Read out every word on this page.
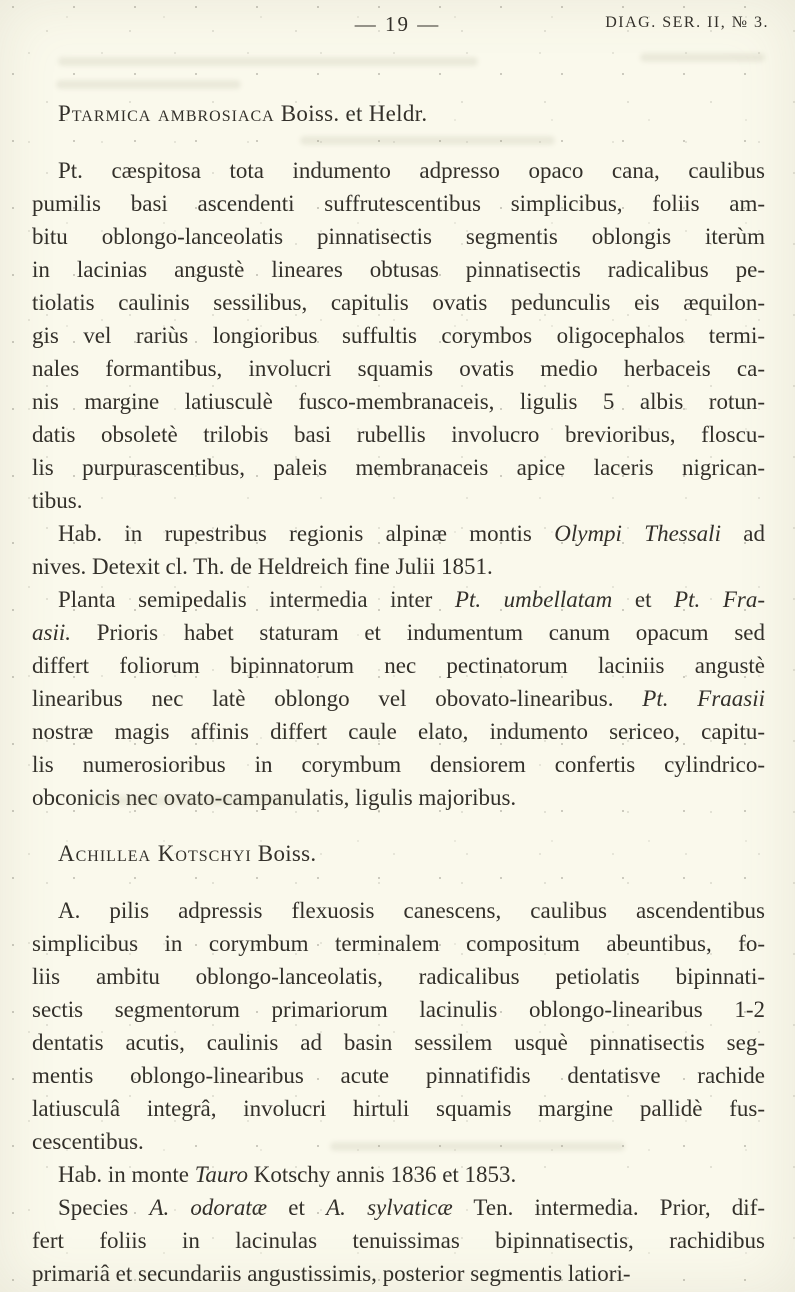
— 19 —	DIAG. SER. II, № 3.
Ptarmica ambrosiaca Boiss. et Heldr.
Pt. cæspitosa tota indumento adpresso opaco cana, caulibus
pumilis basi ascendenti suffrutescentibus simplicibus, foliis am-
bitu oblongo-lanceolatis pinnatisectis segmentis oblongis iterùm
in lacinias angustè lineares obtusas pinnatisectis radicalibus pe-
tiolatis caulinis sessilibus, capitulis ovatis pedunculis eis æquilon-
gis vel rariùs longioribus suffultis corymbos oligocephalos termi-
nales formantibus, involucri squamis ovatis medio herbaceis ca-
nis margine latiusculè fusco-membranaceis, ligulis 5 albis rotun-
datis obsoletè trilobis basi rubellis involucro brevioribus, floscu-
lis purpurascentibus, paleis membranaceis apice laceris nigrican-
tibus.
Hab. in rupestribus regionis alpinæ montis Olympi Thessali ad
nives. Detexit cl. Th. de Heldreich fine Julii 1851.
Planta semipedalis intermedia inter Pt. umbellatam et Pt. Fra-
asii. Prioris habet staturam et indumentum canum opacum sed
differt foliorum bipinnatorum nec pectinatorum laciniis angustè
linearibus nec latè oblongo vel obovato-linearibus. Pt. Fraasii
nostræ magis affinis differt caule elato, indumento sericeo, capitu-
lis numerosioribus in corymbum densiorem confertis cylindrico-
obconicis nec ovato-campanulatis, ligulis majoribus.
Achillea Kotschyi Boiss.
A. pilis adpressis flexuosis canescens, caulibus ascendentibus
simplicibus in corymbum terminalem compositum abeuntibus, fo-
liis ambitu oblongo-lanceolatis, radicalibus petiolatis bipinnati-
sectis segmentorum primariorum lacinulis oblongo-linearibus 1-2
dentatis acutis, caulinis ad basin sessilem usquè pinnatisectis seg-
mentis oblongo-linearibus acute pinnatifidis dentatisve rachide
latiusculâ integrâ, involucri hirtuli squamis margine pallidè fus-
cescentibus.
Hab. in monte Tauro Kotschy annis 1836 et 1853.
Species A. odoratæ et A. sylvaticæ Ten. intermedia. Prior, dif-
fert foliis in lacinulas tenuissimas bipinnatisectis, rachidibus
primariâ et secundariis angustissimis, posterior segmentis latiori-
